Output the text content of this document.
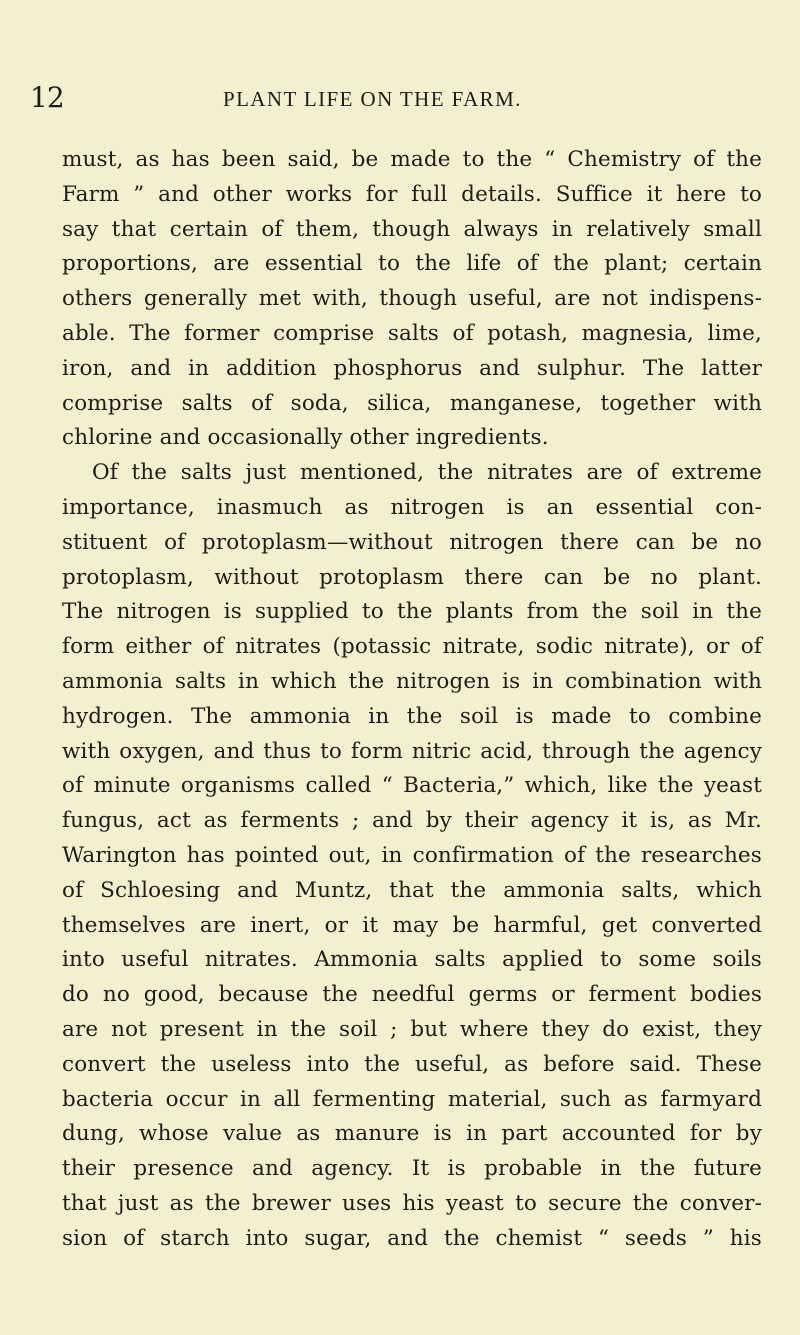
12	PLANT LIFE ON THE FARM.
must, as has been said, be made to the “ Chemistry of the
Farm ” and other works for full details. Suffice it here to
say that certain of them, though always in relatively small
proportions, are essential to the life of the plant; certain
others generally met with, though useful, are not indispens-
able. The former comprise salts of potash, magnesia, lime,
iron, and in addition phosphorus and sulphur. The latter
comprise salts of soda, silica, manganese, together with
chlorine and occasionally other ingredients.
Of the salts just mentioned, the nitrates are of extreme
importance, inasmuch as nitrogen is an essential con-
stituent of protoplasm—without nitrogen there can be no
protoplasm, without protoplasm there can be no plant.
The nitrogen is supplied to the plants from the soil in the
form either of nitrates (potassic nitrate, sodic nitrate), or of
ammonia salts in which the nitrogen is in combination with
hydrogen. The ammonia in the soil is made to combine
with oxygen, and thus to form nitric acid, through the agency
of minute organisms called “ Bacteria,” which, like the yeast
fungus, act as ferments ; and by their agency it is, as Mr.
Warington has pointed out, in confirmation of the researches
of Schloesing and Muntz, that the ammonia salts, which
themselves are inert, or it may be harmful, get converted
into useful nitrates. Ammonia salts applied to some soils
do no good, because the needful germs or ferment bodies
are not present in the soil ; but where they do exist, they
convert the useless into the useful, as before said. These
bacteria occur in all fermenting material, such as farmyard
dung, whose value as manure is in part accounted for by
their presence and agency. It is probable in the future
that just as the brewer uses his yeast to secure the conver-
sion of starch into sugar, and the chemist “ seeds ” his
